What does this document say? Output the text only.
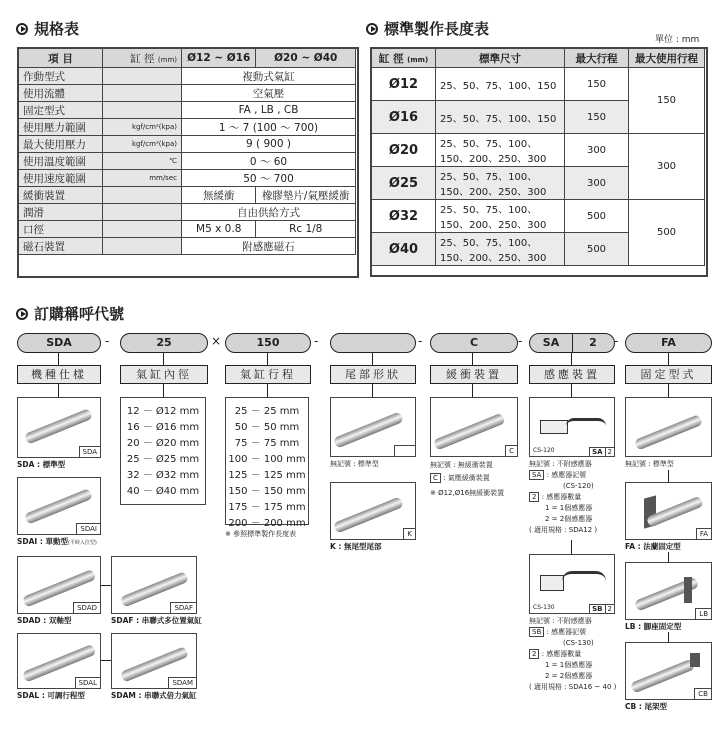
規格表	標準製作長度表
單位 : mm
項 目	缸 徑 (mm)	Ø12 ~ Ø16	Ø20 ~ Ø40
作動型式		複動式氣缸	
使用流體		空氣壓	
固定型式		FA , LB , CB	
使用壓力範圍	kgf/cm²(kpa)	1 ～ 7 (100 ～ 700)	
最大使用壓力	kgf/cm²(kpa)	9 ( 900 )	
使用溫度範圍	℃	0 ～ 60	
使用速度範圍	mm/sec	50 ～ 700	
緩衝裝置		無緩衝	橡膠墊片/氣壓緩衝
潤滑		自由供給方式	
口徑		M5 x 0.8	Rc 1/8
磁石裝置		附感應磁石	
缸 徑 (mm)	標準尺寸	最大行程	最大使用行程
Ø12	25、50、75、100、150	150	150
Ø16	25、50、75、100、150	150	
Ø20	25、50、75、100、150、200、250、300	300	300
Ø25	25、50、75、100、150、200、250、300	300	
Ø32	25、50、75、100、150、200、250、300	500	500
Ø40	25、50、75、100、150、200、250、300	500	
訂購稱呼代號
SDA	-	25	×	150	-	-	C	-	SA	2	-	FA
機種仕樣	氣缸內徑	氣缸行程	尾部形狀	緩衝裝置	感應裝置	固定型式
SDA
SDA : 標準型
SDAI
SDAI : 單動型(平時入位型)
SDAD
SDAD : 双軸型
SDAF
SDAF : 串聯式多位置氣缸
SDAL
SDAL : 可調行程型
SDAM
SDAM : 串聯式倍力氣缸
12 － Ø12 mm
16 － Ø16 mm
20 － Ø20 mm
25 － Ø25 mm
32 － Ø32 mm
40 － Ø40 mm
25 － 25 mm
50 － 50 mm
75 － 75 mm
100 － 100 mm
125 － 125 mm
150 － 150 mm
175 － 175 mm
200 － 200 mm
※ 參照標準製作長度表
無記號 : 標準型
K
K : 無尾型尾部
C
無記號 : 無緩衝裝置
C : 氣壓緩衝裝置
※ Ø12,Ø16無緩衝裝置
CS-120	SA 2
無記號 : 不附感應器
SA : 感應器記號
(CS-120)
2 : 感應器數量
1 = 1個感應器
2 = 2個感應器
( 適用規格 : SDA12 )
CS-130	SB 2
無記號 : 不附感應器
SB : 感應器記號
(CS-130)
2 : 感應器數量
1 = 1個感應器
2 = 2個感應器
( 適用規格 : SDA16 ~ 40 )
無記號 : 標準型
FA
FA : 法蘭固定型
LB
LB : 腳座固定型
CB
CB : 尾架型
